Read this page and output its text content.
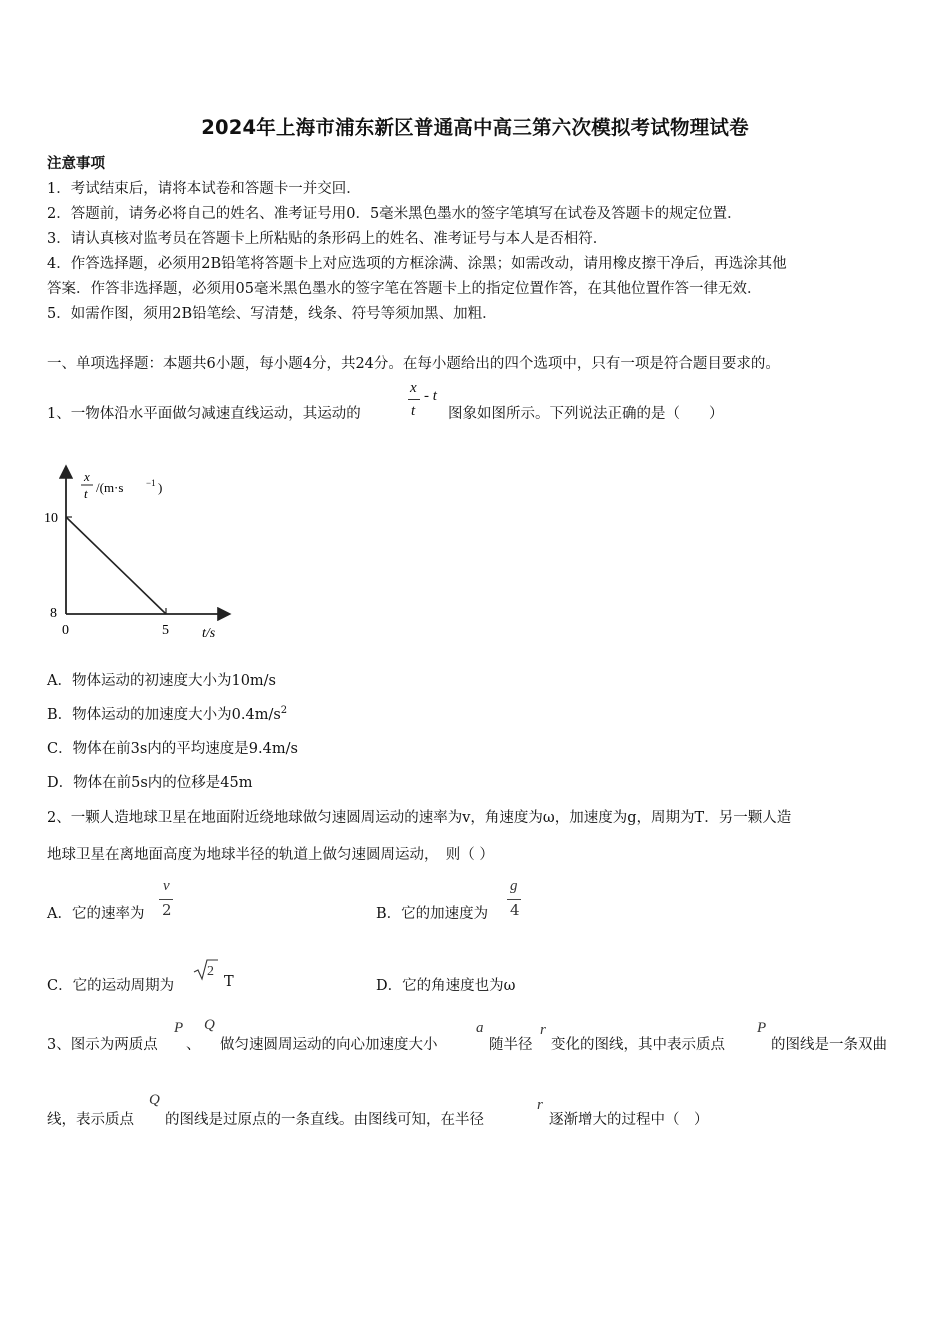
2024年上海市浦东新区普通高中高三第六次模拟考试物理试卷
注意事项
1．考试结束后，请将本试卷和答题卡一并交回．
2．答题前，请务必将自己的姓名、准考证号用0．5毫米黑色墨水的签字笔填写在试卷及答题卡的规定位置．
3．请认真核对监考员在答题卡上所粘贴的条形码上的姓名、准考证号与本人是否相符．
4．作答选择题，必须用2B铅笔将答题卡上对应选项的方框涂满、涂黑；如需改动，请用橡皮擦干净后，再选涂其他
答案．作答非选择题，必须用05毫米黑色墨水的签字笔在答题卡上的指定位置作答，在其他位置作答一律无效．
5．如需作图，须用2B铅笔绘、写清楚，线条、符号等须加黑、加粗．
一、单项选择题：本题共6小题，每小题4分，共24分。在每小题给出的四个选项中，只有一项是符合题目要求的。
1、一物体沿水平面做匀减速直线运动，其运动的
x
t
- t
图象如图所示。下列说法正确的是（　　）
x
t /(m·s	−1 )
10
8
0	5 t/s
A．物体运动的初速度大小为10m/s
B．物体运动的加速度大小为$0.4m/s^2$
C．物体在前3s内的平均速度是9.4m/s
D．物体在前5s内的位移是45m
2、一颗人造地球卫星在地面附近绕地球做匀速圆周运动的速率为v，角速度为ω，加速度为g，周期为T．另一颗人造
地球卫星在离地面高度为地球半径的轨道上做匀速圆周运动，　则（ ）
A．它的速率为
v
2	B．它的加速度为
g
4
C．它的运动周期为
2
T	D．它的角速度也为ω
3、图示为两质点
P
、
Q
做匀速圆周运动的向心加速度大小
a
随半径
r
变化的图线，其中表示质点
P
的图线是一条双曲
线，表示质点
Q
的图线是过原点的一条直线。由图线可知，在半径
r
逐渐增大的过程中（　）
